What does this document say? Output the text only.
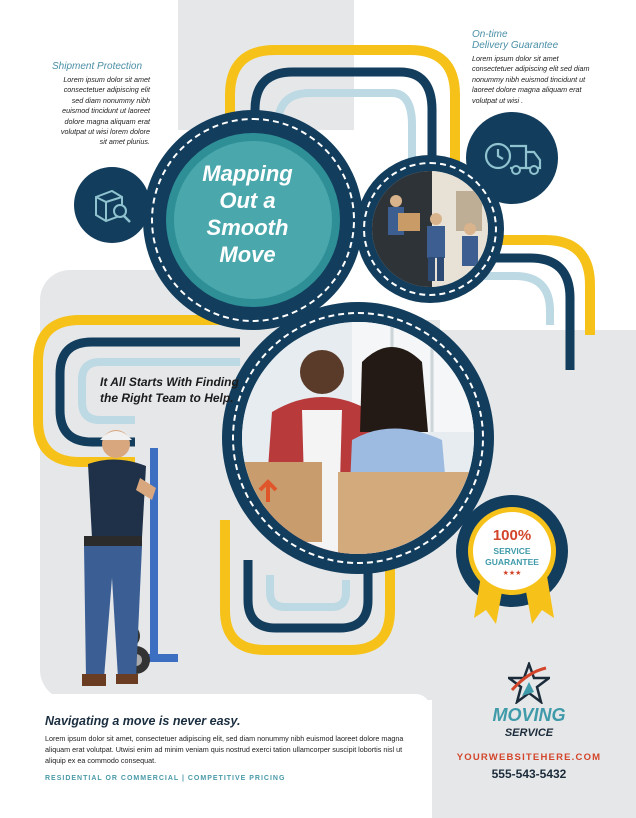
Shipment Protection
Lorem ipsum dolor sit amet consectetuer adipiscing elit sed diam nonummy nibh euismod tincidunt ut laoreet dolore magna aliquam erat volutpat ut wisi lorem dolore sit amet plurius.
On-time
Delivery Guarantee
Lorem ipsum dolor sit amet consectetuer adipiscing elit sed diam nonummy nibh euismod tincidunt ut laoreet dolore magna aliquam erat volutpat ut wisi .
Mapping
Out a
Smooth
Move
It All Starts With Finding the Right Team to Help.
100%
SERVICE
GUARANTEE
★★★
Navigating a move is never easy.
Lorem ipsum dolor sit amet, consectetuer adipiscing elit, sed diam nonummy nibh euismod laoreet dolore magna aliquam erat volutpat. Utwisi enim ad minim veniam quis nostrud exerci tation ullamcorper suscipit lobortis nisl ut aliquip ex ea commodo consequat.
RESIDENTIAL OR COMMERCIAL | COMPETITIVE PRICING
MOVING
SERVICE
YOURWEBSITEHERE.COM
555-543-5432
